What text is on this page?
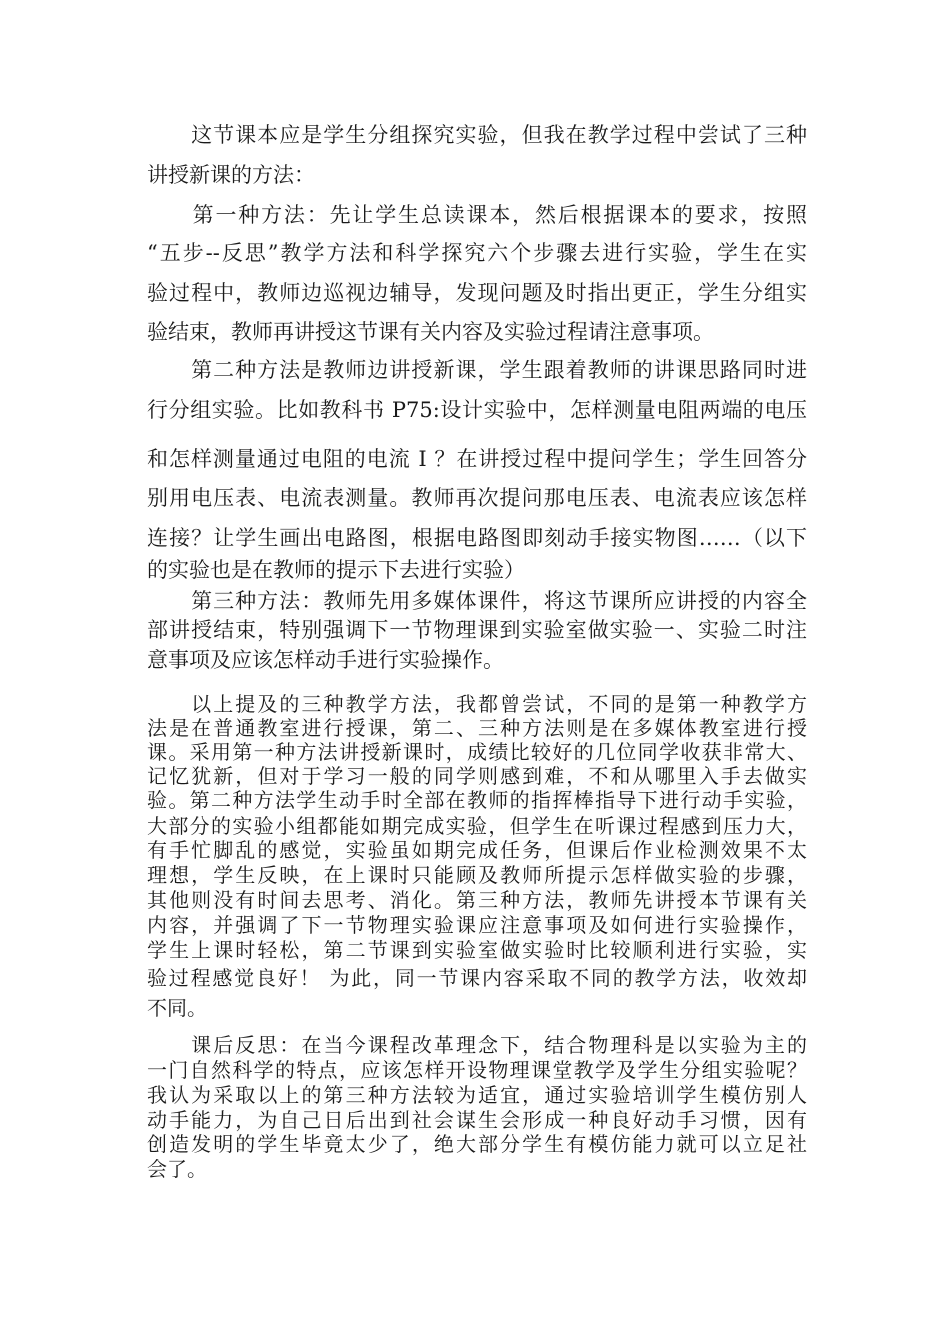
　　这节课本应是学生分组探究实验，但我在教学过程中尝试了三种
讲授新课的方法：
　　第一种方法：先让学生总读课本，然后根据课本的要求，按照
“五步--反思”教学方法和科学探究六个步骤去进行实验，学生在实
验过程中，教师边巡视边辅导，发现问题及时指出更正，学生分组实
验结束，教师再讲授这节课有关内容及实验过程请注意事项。
　　第二种方法是教师边讲授新课，学生跟着教师的讲课思路同时进
行分组实验。比如教科书 P75:设计实验中，怎样测量电阻两端的电压
和怎样测量通过电阻的电流 I ？在讲授过程中提问学生；学生回答分
别用电压表、电流表测量。教师再次提问那电压表、电流表应该怎样
连接？让学生画出电路图，根据电路图即刻动手接实物图……（以下
的实验也是在教师的提示下去进行实验）
　　第三种方法：教师先用多媒体课件，将这节课所应讲授的内容全
部讲授结束，特别强调下一节物理课到实验室做实验一、实验二时注
意事项及应该怎样动手进行实验操作。
　　以上提及的三种教学方法，我都曾尝试，不同的是第一种教学方
法是在普通教室进行授课，第二、三种方法则是在多媒体教室进行授
课。采用第一种方法讲授新课时，成绩比较好的几位同学收获非常大、
记忆犹新，但对于学习一般的同学则感到难，不和从哪里入手去做实
验。第二种方法学生动手时全部在教师的指挥棒指导下进行动手实验，
大部分的实验小组都能如期完成实验，但学生在听课过程感到压力大，
有手忙脚乱的感觉，实验虽如期完成任务，但课后作业检测效果不太
理想，学生反映，在上课时只能顾及教师所提示怎样做实验的步骤，
其他则没有时间去思考、消化。第三种方法，教师先讲授本节课有关
内容，并强调了下一节物理实验课应注意事项及如何进行实验操作，
学生上课时轻松，第二节课到实验室做实验时比较顺利进行实验，实
验过程感觉良好！ 为此，同一节课内容采取不同的教学方法，收效却
不同。
　　课后反思：在当今课程改革理念下，结合物理科是以实验为主的
一门自然科学的特点，应该怎样开设物理课堂教学及学生分组实验呢？
我认为采取以上的第三种方法较为适宜，通过实验培训学生模仿别人
动手能力，为自己日后出到社会谋生会形成一种良好动手习惯，因有
创造发明的学生毕竟太少了，绝大部分学生有模仿能力就可以立足社
会了。
